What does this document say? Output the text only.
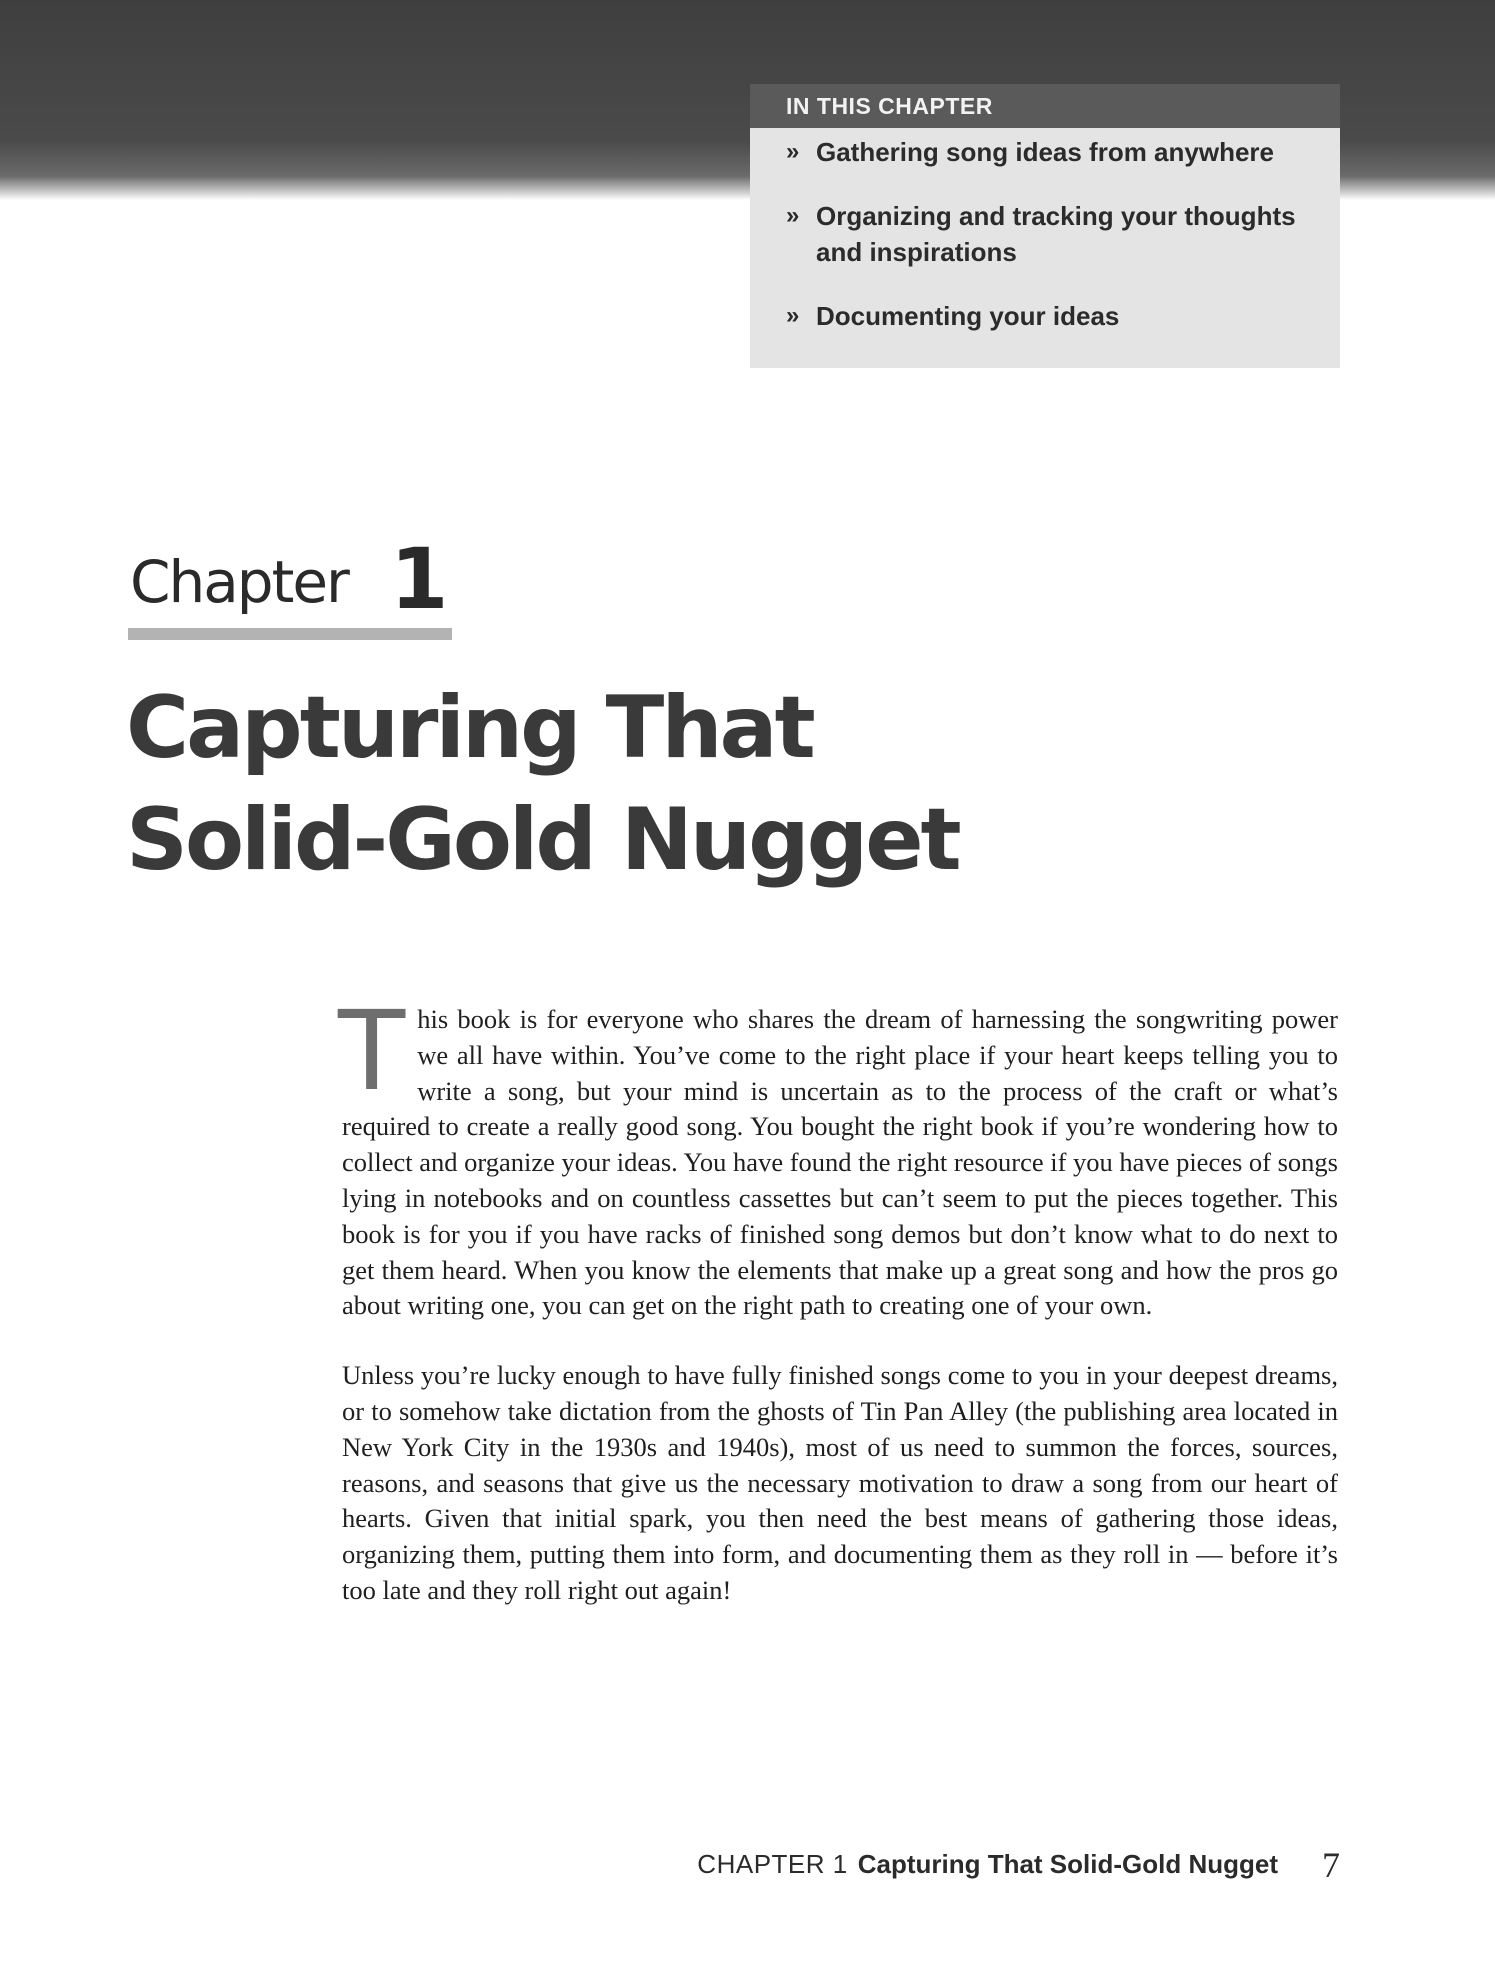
IN THIS CHAPTER
» Gathering song ideas from anywhere
» Organizing and tracking your thoughts and inspirations
» Documenting your ideas
Chapter 1
Capturing That
Solid-Gold Nugget

This book is for everyone who shares the dream of harnessing the songwriting power we all have within. You’ve come to the right place if your heart keeps telling you to write a song, but your mind is uncertain as to the process of the craft or what’s required to create a really good song. You bought the right book if you’re wondering how to collect and organize your ideas. You have found the right resource if you have pieces of songs lying in notebooks and on countless cassettes but can’t seem to put the pieces together. This book is for you if you have racks of finished song demos but don’t know what to do next to get them heard. When you know the elements that make up a great song and how the pros go about writing one, you can get on the right path to creating one of your own.

Unless you’re lucky enough to have fully finished songs come to you in your deepest dreams, or to somehow take dictation from the ghosts of Tin Pan Alley (the publishing area located in New York City in the 1930s and 1940s), most of us need to summon the forces, sources, reasons, and seasons that give us the necessary motivation to draw a song from our heart of hearts. Given that initial spark, you then need the best means of gathering those ideas, organizing them, putting them into form, and documenting them as they roll in — before it’s too late and they roll right out again!

CHAPTER 1 Capturing That Solid-Gold Nugget 7
